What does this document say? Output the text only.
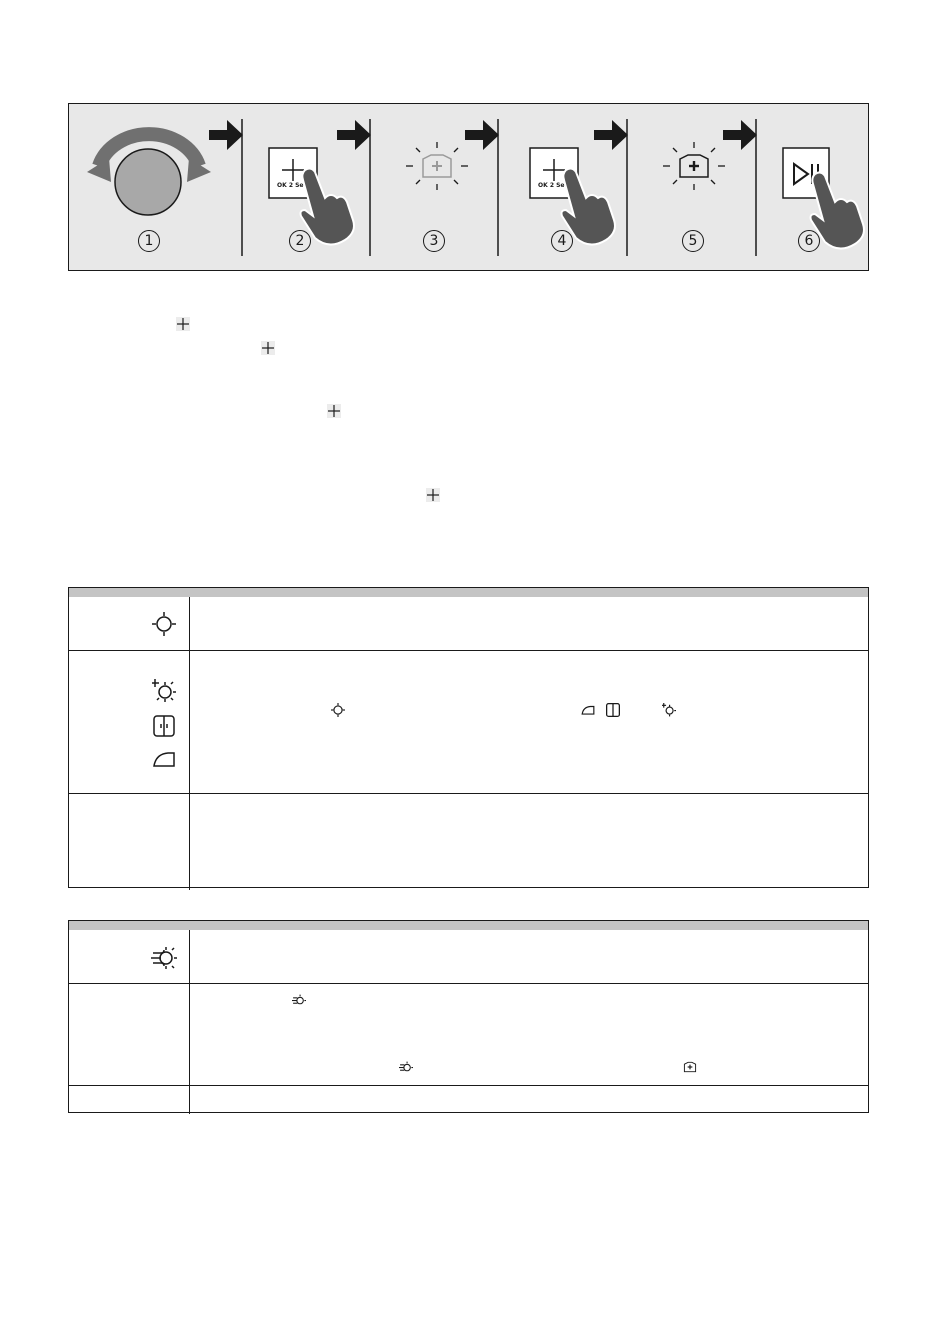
OK 2 Se	OK 2 Se
1	2	3	4	5	6
